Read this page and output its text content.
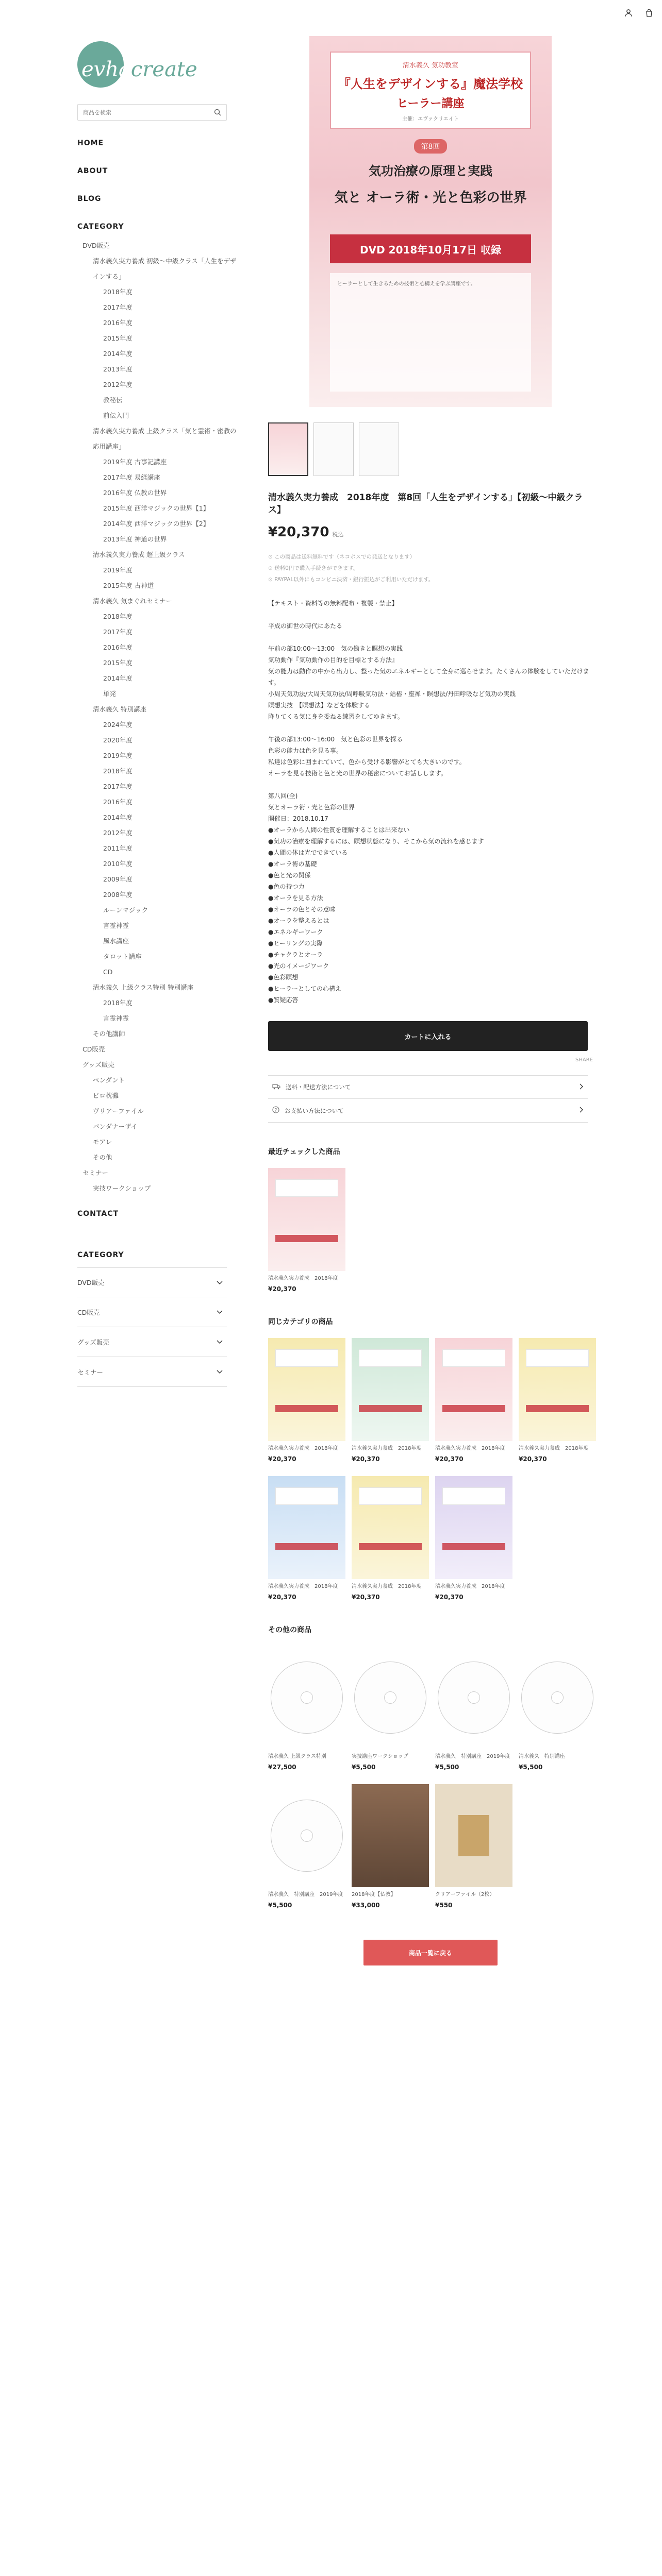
evhacreate
商品を検索
HOME
ABOUT
BLOG
CATEGORY
DVD販売
清水義久実力養成 初級～中級クラス「人生をデザインする」
2018年度
2017年度
2016年度
2015年度
2014年度
2013年度
2012年度
教秘伝
前伝入門
清水義久実力養成 上級クラス「気と霊術・密教の応用講座」
2019年度 古事記講座
2017年度 易経講座
2016年度 仏教の世界
2015年度 西洋マジックの世界【1】
2014年度 西洋マジックの世界【2】
2013年度 神道の世界
清水義久実力養成 超上級クラス
2019年度
2015年度 古神道
清水義久 気まぐれセミナー
2018年度
2017年度
2016年度
2015年度
2014年度
単発
清水義久 特別講座
2024年度
2020年度
2019年度
2018年度
2017年度
2016年度
2014年度
2012年度
2011年度
2010年度
2009年度
2008年度
ルーンマジック
言霊神霊
風水講座
タロット講座
CD
清水義久 上級クラス特別 特別講座
2018年度
言霊神霊
その他講師
CD販売
グッズ販売
ペンダント
ピロ枕灘
ヴリアーファイル
バンダナーザイ
モアレ
その他
セミナー
実技ワークショップ
CONTACT
CATEGORY
DVD販売
CD販売
グッズ販売
セミナー
清水義久 気功教室
『人生をデザインする』魔法学校
ヒーラー講座
主催：エヴァクリエイト
第8回
気功治療の原理と実践
気と オーラ術・光と色彩の世界
DVD 2018年10月17日 収録
ヒーラーとして生きるための技術と心構えを学ぶ講座です。
清水義久実力養成　2018年度　第8回「人生をデザインする」【初級〜中級クラス】
¥20,370 税込
⊙ この商品は送料無料です（ネコポスでの発送となります）
⊙ 送料0円で購入手続きができます。
⊙ PAYPAL以外にもコンビニ決済・銀行振込がご利用いただけます。
【テキスト・資料等の無料配布・複製・禁止】

平成の御世の時代にあたる

午前の部10:00～13:00　気の働きと瞑想の実践
気功動作『気功動作の目的を目標とする方法』
気の能力は動作の中から出力し、整った気のエネルギーとして全身に巡らせます。たくさんの体験をしていただけます。
小周天気功法/大周天気功法/周呼吸気功法・站樁・座禅・瞑想法/丹田呼吸など気功の実践
瞑想実技　【瞑想法】などを体験する
降りてくる気に身を委ねる練習をしてゆきます。

午後の部13:00～16:00　気と色彩の世界を探る
色彩の能力は色を見る事。
私達は色彩に囲まれていて、色から受ける影響がとても大きいのです。
オーラを見る技術と色と光の世界の秘密についてお話しします。

第八回(全)
気とオーラ術・光と色彩の世界
開催日：2018.10.17
●オーラから人間の性質を理解することは出来ない
●気功の治療を理解するには、瞑想状態になり、そこから気の流れを感じます
●人間の体は光でできている
●オーラ術の基礎
●色と光の関係
●色の持つ力
●オーラを見る方法
●オーラの色とその意味
●オーラを整えるとは
●エネルギーワーク
●ヒーリングの実際
●チャクラとオーラ
●光のイメージワーク
●色彩瞑想
●ヒーラーとしての心構え
●質疑応答
カートに入れる
SHARE
送料・配送方法について
? お支払い方法について
最近チェックした商品
清水義久実力養成　2018年度
¥20,370
同じカテゴリの商品
清水義久実力養成　2018年度
¥20,370
清水義久実力養成　2018年度
¥20,370
清水義久実力養成　2018年度
¥20,370
清水義久実力養成　2018年度
¥20,370
清水義久実力養成　2018年度
¥20,370
清水義久実力養成　2018年度
¥20,370
清水義久実力養成　2018年度
¥20,370
その他の商品
清水義久 上級クラス特別
¥27,500
実技講座ワークショップ
¥5,500
清水義久　特別講座　2019年度
¥5,500
清水義久　特別講座
¥5,500
清水義久　特別講座　2019年度
¥5,500
2018年度【仏教】
¥33,000
クリアーファイル（2枚）
¥550
商品一覧に戻る
